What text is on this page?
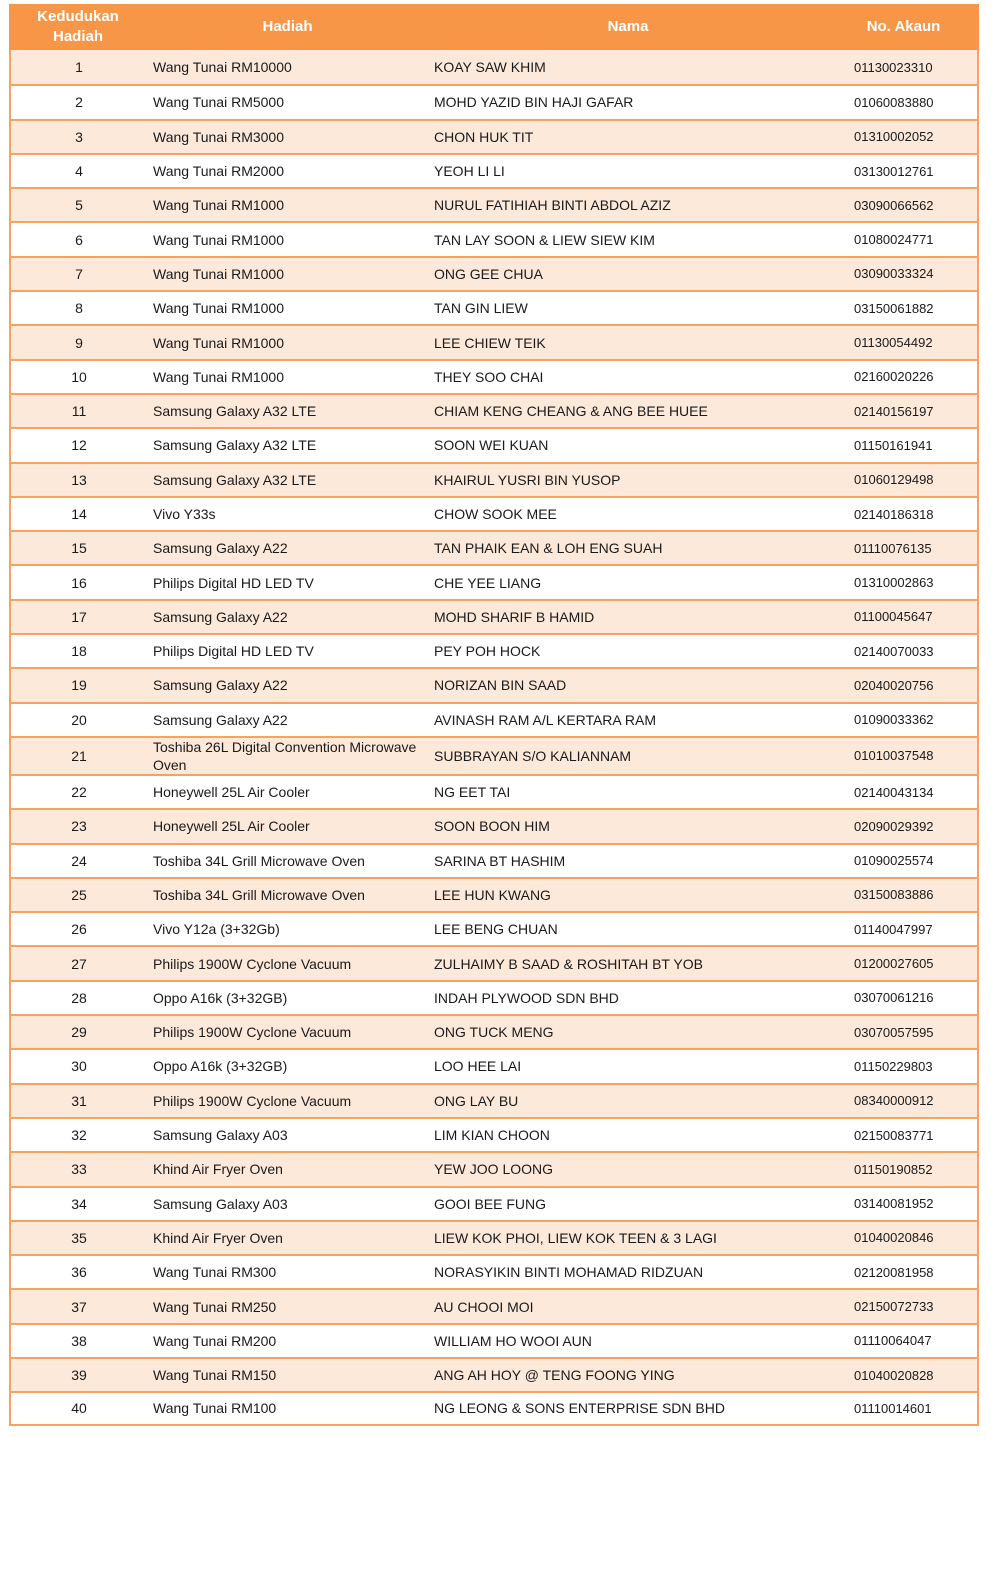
Kedudukan Hadiah	Hadiah	Nama	No. Akaun
1	Wang Tunai RM10000	KOAY SAW KHIM	01130023310
2	Wang Tunai RM5000	MOHD YAZID BIN HAJI GAFAR	01060083880
3	Wang Tunai RM3000	CHON HUK TIT	01310002052
4	Wang Tunai RM2000	YEOH LI LI	03130012761
5	Wang Tunai RM1000	NURUL FATIHIAH BINTI ABDOL AZIZ	03090066562
6	Wang Tunai RM1000	TAN LAY SOON & LIEW SIEW KIM	01080024771
7	Wang Tunai RM1000	ONG GEE CHUA	03090033324
8	Wang Tunai RM1000	TAN GIN LIEW	03150061882
9	Wang Tunai RM1000	LEE CHIEW TEIK	01130054492
10	Wang Tunai RM1000	THEY SOO CHAI	02160020226
11	Samsung Galaxy A32 LTE	CHIAM KENG CHEANG & ANG BEE HUEE	02140156197
12	Samsung Galaxy A32 LTE	SOON WEI KUAN	01150161941
13	Samsung Galaxy A32 LTE	KHAIRUL YUSRI BIN YUSOP	01060129498
14	Vivo Y33s	CHOW SOOK MEE	02140186318
15	Samsung Galaxy A22	TAN PHAIK EAN & LOH ENG SUAH	01110076135
16	Philips Digital HD LED TV	CHE YEE LIANG	01310002863
17	Samsung Galaxy A22	MOHD SHARIF B HAMID	01100045647
18	Philips Digital HD LED TV	PEY POH HOCK	02140070033
19	Samsung Galaxy A22	NORIZAN BIN SAAD	02040020756
20	Samsung Galaxy A22	AVINASH RAM A/L KERTARA RAM	01090033362
21	Toshiba 26L Digital Convention Microwave Oven	SUBBRAYAN S/O KALIANNAM	01010037548
22	Honeywell 25L Air Cooler	NG EET TAI	02140043134
23	Honeywell 25L Air Cooler	SOON BOON HIM	02090029392
24	Toshiba 34L Grill Microwave Oven	SARINA BT HASHIM	01090025574
25	Toshiba 34L Grill Microwave Oven	LEE HUN KWANG	03150083886
26	Vivo Y12a (3+32Gb)	LEE BENG CHUAN	01140047997
27	Philips 1900W Cyclone Vacuum	ZULHAIMY B SAAD & ROSHITAH BT YOB	01200027605
28	Oppo A16k (3+32GB)	INDAH PLYWOOD SDN BHD	03070061216
29	Philips 1900W Cyclone Vacuum	ONG TUCK MENG	03070057595
30	Oppo A16k (3+32GB)	LOO HEE LAI	01150229803
31	Philips 1900W Cyclone Vacuum	ONG LAY BU	08340000912
32	Samsung Galaxy A03	LIM KIAN CHOON	02150083771
33	Khind Air Fryer Oven	YEW JOO LOONG	01150190852
34	Samsung Galaxy A03	GOOI BEE FUNG	03140081952
35	Khind Air Fryer Oven	LIEW KOK PHOI, LIEW KOK TEEN & 3 LAGI	01040020846
36	Wang Tunai RM300	NORASYIKIN BINTI MOHAMAD RIDZUAN	02120081958
37	Wang Tunai RM250	AU CHOOI MOI	02150072733
38	Wang Tunai RM200	WILLIAM HO WOOI AUN	01110064047
39	Wang Tunai RM150	ANG AH HOY @ TENG FOONG YING	01040020828
40	Wang Tunai RM100	NG LEONG & SONS ENTERPRISE SDN BHD	01110014601
